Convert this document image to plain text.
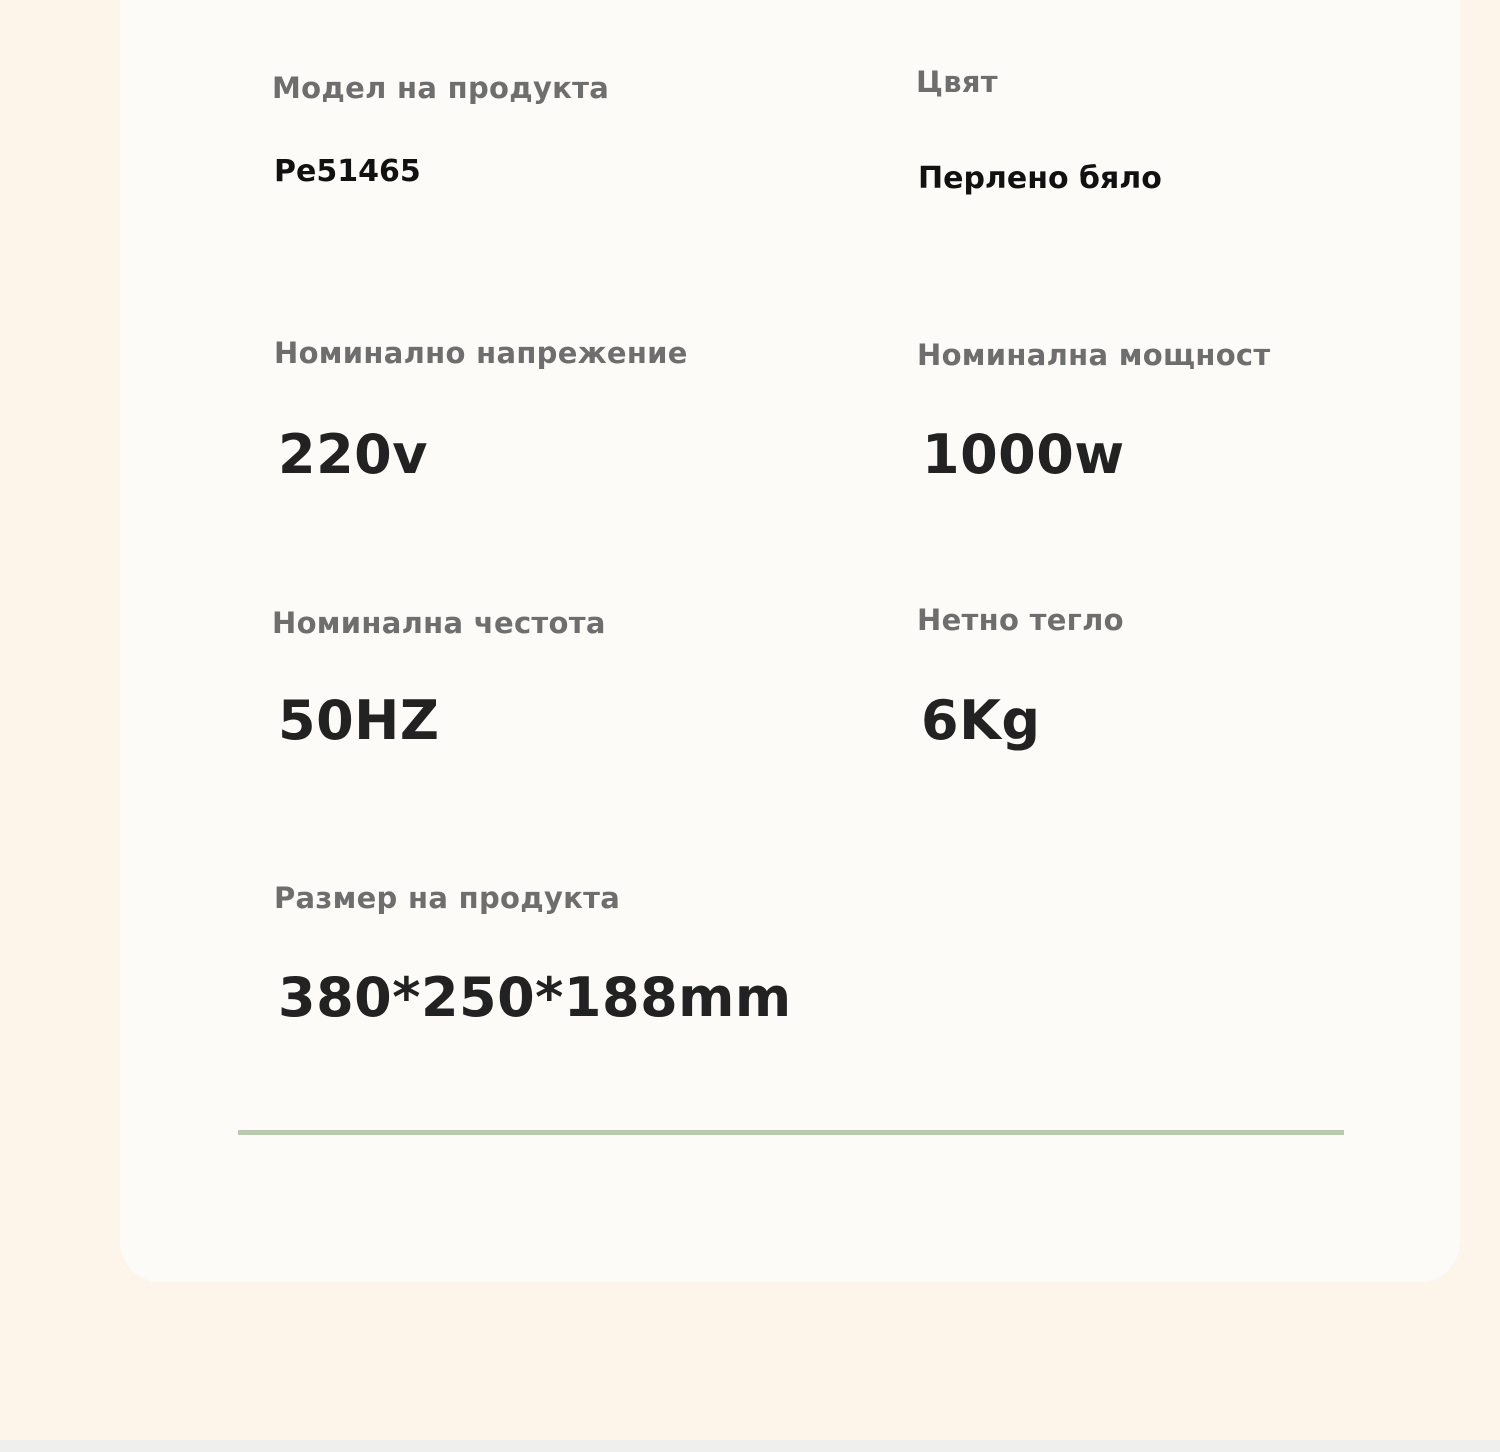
Модел на продукта
Pe51465
Цвят
Перлено бяло
Номинално напрежение
220v
Номинална мощност
1000w
Номинална честота
50HZ
Нетно тегло
6Kg
Размер на продукта
380*250*188mm
